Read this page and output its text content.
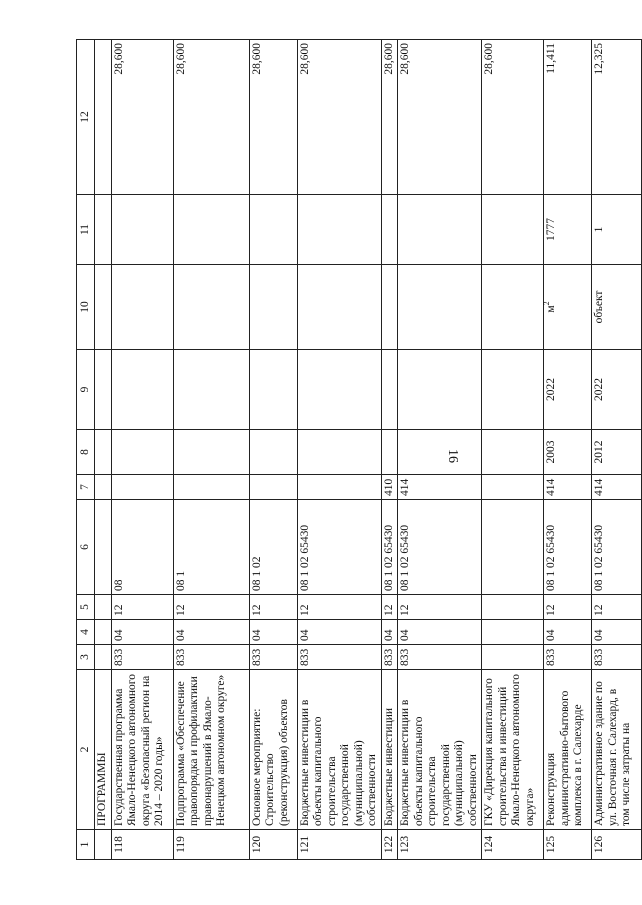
16
1	2	3	4	5	6	7	8	9	10	11	12
	ПРОГРАММЫ										
118	Государственная программа Ямало-Ненецкого автономного округа «Безопасный регион на 2014 – 2020 годы»	833	04	12	08						28,600
119	Подпрограмма «Обеспечение правопорядка и профилактики правонарушений в Ямало-Ненецком автономном округе»	833	04	12	08 1						28,600
120	Основное мероприятие: Строительство (реконструкция) объектов	833	04	12	08 1 02						28,600
121	Бюджетные инвестиции в объекты капитального строительства государственной (муниципальной) собственности	833	04	12	08 1 02 65430						28,600
122	Бюджетные инвестиции	833	04	12	08 1 02 65430	410					28,600
123	Бюджетные инвестиции в объекты капитального строительства государственной (муниципальной) собственности	833	04	12	08 1 02 65430	414					28,600
124	ГКУ «Дирекция капитального строительства и инвестиций Ямало-Ненецкого автономного округа»										28,600
125	Реконструкция административно-бытового комплекса в г. Салехарде	833	04	12	08 1 02 65430	414	2003	2022	$м^2$	1777	11,411
126	Административное здание по ул. Восточная г. Салехард, в том числе затраты на	833	04	12	08 1 02 65430	414	2012	2022	объект	1	12,325
